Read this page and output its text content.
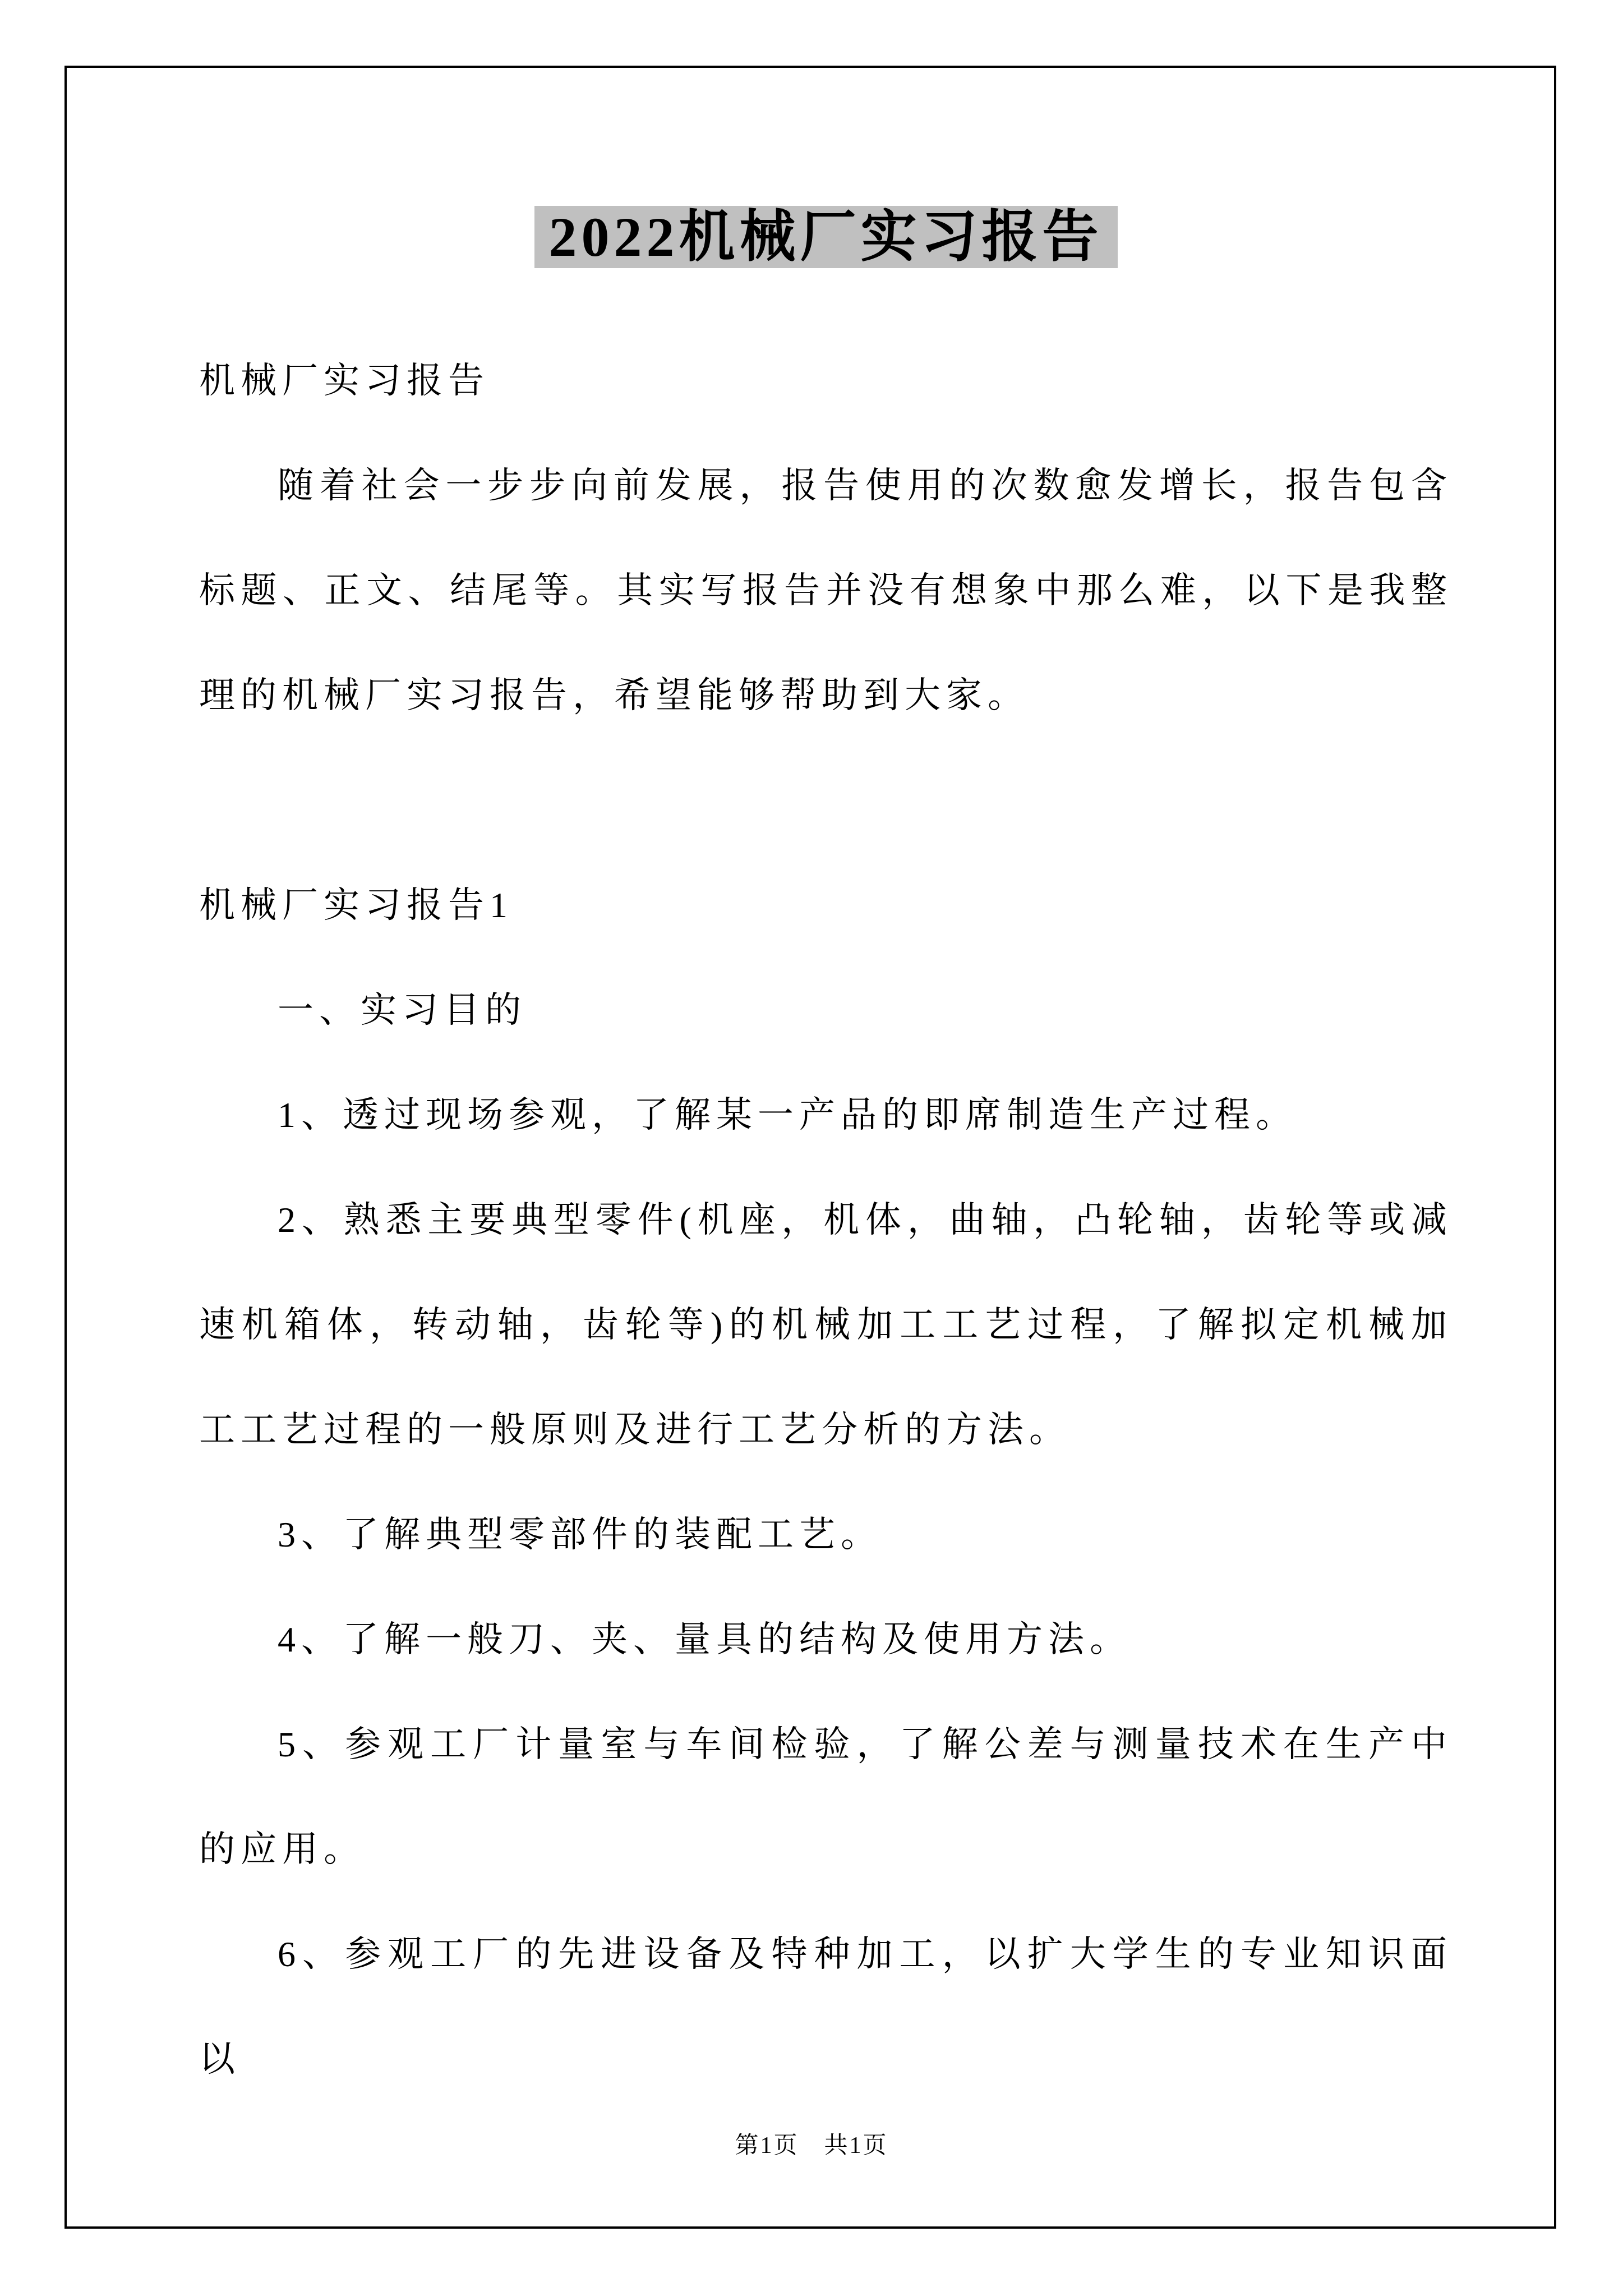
2022机械厂实习报告

机械厂实习报告

随着社会一步步向前发展，报告使用的次数愈发增长，报告包含标题、正文、结尾等。其实写报告并没有想象中那么难，以下是我整理的机械厂实习报告，希望能够帮助到大家。

机械厂实习报告1

一、实习目的

1、透过现场参观，了解某一产品的即席制造生产过程。

2、熟悉主要典型零件(机座，机体，曲轴，凸轮轴，齿轮等或减速机箱体，转动轴，齿轮等)的机械加工工艺过程，了解拟定机械加工工艺过程的一般原则及进行工艺分析的方法。

3、了解典型零部件的装配工艺。

4、了解一般刀、夹、量具的结构及使用方法。

5、参观工厂计量室与车间检验，了解公差与测量技术在生产中的应用。

6、参观工厂的先进设备及特种加工，以扩大学生的专业知识面以

第1页　共1页
